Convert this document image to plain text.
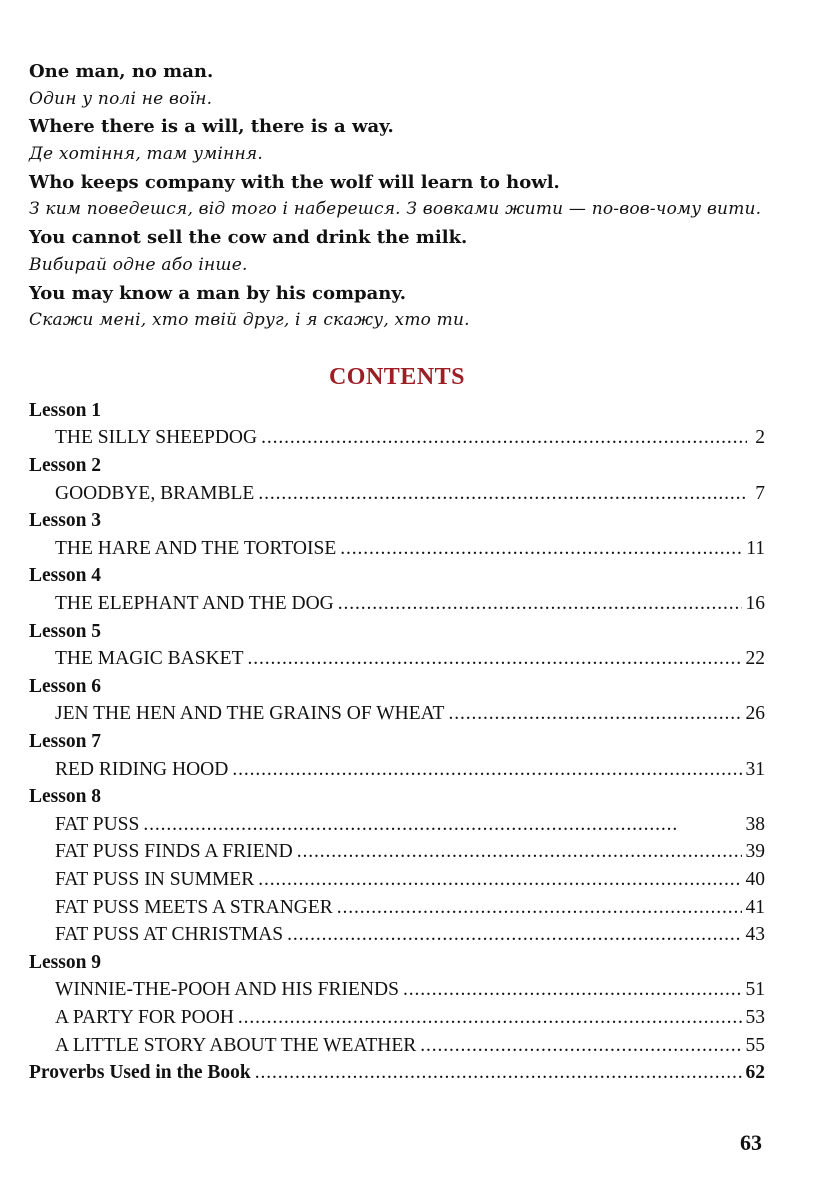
One man, no man.
Один у полі не воїн.
Where there is a will, there is a way.
Де хотіння, там уміння.
Who keeps company with the wolf will learn to howl.
З ким поведешся, від того і наберешся. З вовками жити — по-вов-чому вити.
You cannot sell the cow and drink the milk.
Вибирай одне або інше.
You may know a man by his company.
Скажи мені, хто твій друг, і я скажу, хто ти.
CONTENTS
Lesson 1
THE SILLY SHEEPDOG . . .	2
Lesson 2
GOODBYE, BRAMBLE . . .	7
Lesson 3
THE HARE AND THE TORTOISE . . .	11
Lesson 4
THE ELEPHANT AND THE DOG . . .	16
Lesson 5
THE MAGIC BASKET . . .	22
Lesson 6
JEN THE HEN AND THE GRAINS OF WHEAT . . .	26
Lesson 7
RED RIDING HOOD . . .	31
Lesson 8
FAT PUSS . . .	38
FAT PUSS FINDS A FRIEND . . .	39
FAT PUSS IN SUMMER . . .	40
FAT PUSS MEETS A STRANGER . . .	41
FAT PUSS AT CHRISTMAS . . .	43
Lesson 9
WINNIE-THE-POOH AND HIS FRIENDS . . .	51
A PARTY FOR POOH . . .	53
A LITTLE STORY ABOUT THE WEATHER . . .	55
Proverbs Used in the Book . . .	62
63
